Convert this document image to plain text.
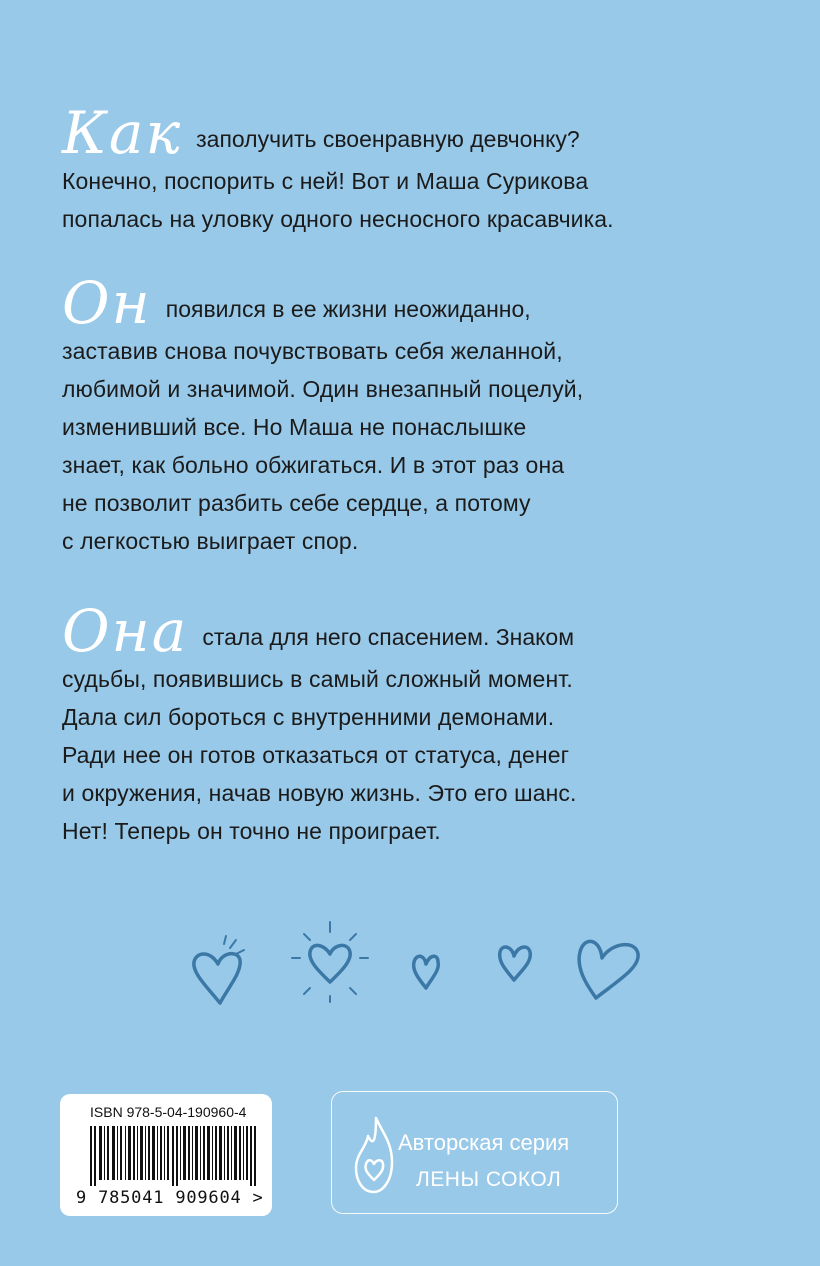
Как заполучить своенравную девчонку?
Конечно, поспорить с ней! Вот и Маша Сурикова
попалась на уловку одного несносного красавчика.
Он появился в ее жизни неожиданно,
заставив снова почувствовать себя желанной,
любимой и значимой. Один внезапный поцелуй,
изменивший все. Но Маша не понаслышке
знает, как больно обжигаться. И в этот раз она
не позволит разбить себе сердце, а потому
с легкостью выиграет спор.
Она стала для него спасением. Знаком
судьбы, появившись в самый сложный момент.
Дала сил бороться с внутренними демонами.
Ради нее он готов отказаться от статуса, денег
и окружения, начав новую жизнь. Это его шанс.
Нет! Теперь он точно не проиграет.
ISBN 978-5-04-190960-4
9 785041 909604 >
Авторская серия
ЛЕНЫ СОКОЛ
